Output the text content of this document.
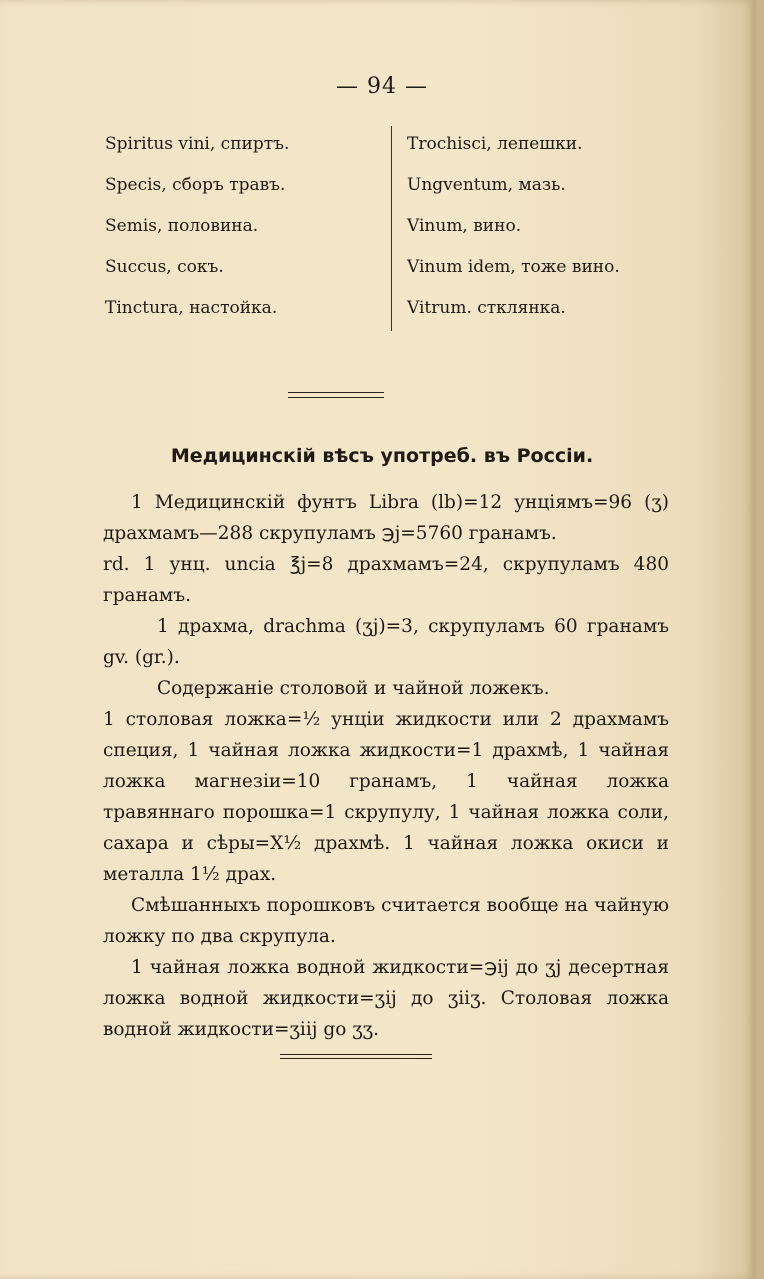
— 94 —
Spiritus vini, спиртъ.
Specis, сборъ травъ.
Semis, половина.
Succus, сокъ.
Tinctura, настойка.
Trochisci, лепешки.
Ungventum, мазь.
Vinum, вино.
Vinum idem, тоже вино.
Vitrum. стклянка.
Медицинскій вѣсъ употреб. въ Россіи.

1 Медицинскій фунтъ Libra (lb)=12 унціямъ=96 (ʒ) драхмамъ—288 скрупуламъ ℈j=5760 гранамъ.

rd. 1 унц. uncia ℥j=8 драхмамъ=24, скрупуламъ 480 гранамъ.

1 драхма, drachma (ʒj)=3, скрупуламъ 60 гранамъ gv. (gr.).

Содержаніе столовой и чайной ложекъ.

1 столовая ложка=½ унціи жидкости или 2 драхмамъ специя, 1 чайная ложка жидкости=1 драхмѣ, 1 чайная ложка магнезіи=10 гранамъ, 1 чайная ложка травяннаго порошка=1 скрупулу, 1 чайная ложка соли, сахара и сѣры=X½ драхмѣ. 1 чайная ложка окиси и металла 1½ драх.

Смѣшанныхъ порошковъ считается вообще на чайную ложку по два скрупула.

1 чайная ложка водной жидкости=℈ij до ʒj десертная ложка водной жидкости=ʒij до ʒiiʒ. Столовая ложка водной жидкости=ʒiij go ʒʒ.
